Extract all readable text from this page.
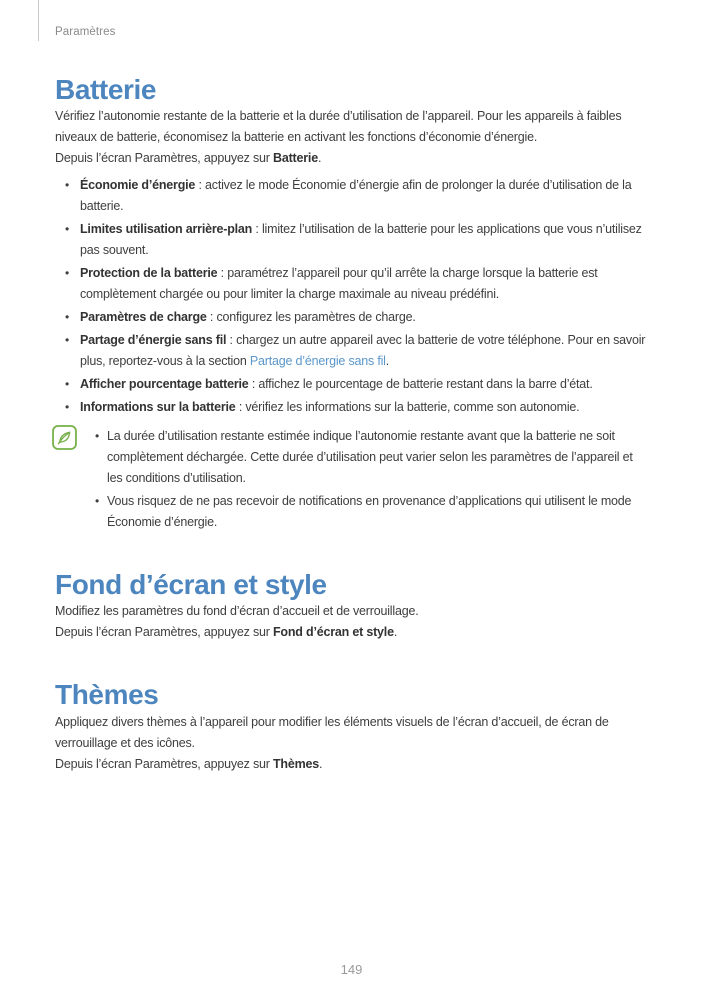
Paramètres
Batterie

Vérifiez l’autonomie restante de la batterie et la durée d’utilisation de l’appareil. Pour les appareils à faibles niveaux de batterie, économisez la batterie en activant les fonctions d’économie d’énergie.

Depuis l’écran Paramètres, appuyez sur Batterie.

• Économie d’énergie : activez le mode Économie d’énergie afin de prolonger la durée d’utilisation de la batterie.
• Limites utilisation arrière-plan : limitez l’utilisation de la batterie pour les applications que vous n’utilisez pas souvent.
• Protection de la batterie : paramétrez l’appareil pour qu’il arrête la charge lorsque la batterie est complètement chargée ou pour limiter la charge maximale au niveau prédéfini.
• Paramètres de charge : configurez les paramètres de charge.
• Partage d’énergie sans fil : chargez un autre appareil avec la batterie de votre téléphone. Pour en savoir plus, reportez-vous à la section Partage d’énergie sans fil.
• Afficher pourcentage batterie : affichez le pourcentage de batterie restant dans la barre d’état.
• Informations sur la batterie : vérifiez les informations sur la batterie, comme son autonomie.
• La durée d’utilisation restante estimée indique l’autonomie restante avant que la batterie ne soit complètement déchargée. Cette durée d’utilisation peut varier selon les paramètres de l’appareil et les conditions d’utilisation.
• Vous risquez de ne pas recevoir de notifications en provenance d’applications qui utilisent le mode Économie d’énergie.
Fond d’écran et style

Modifiez les paramètres du fond d’écran d’accueil et de verrouillage.

Depuis l’écran Paramètres, appuyez sur Fond d’écran et style.

Thèmes

Appliquez divers thèmes à l’appareil pour modifier les éléments visuels de l’écran d’accueil, de écran de verrouillage et des icônes.

Depuis l’écran Paramètres, appuyez sur Thèmes.

149
